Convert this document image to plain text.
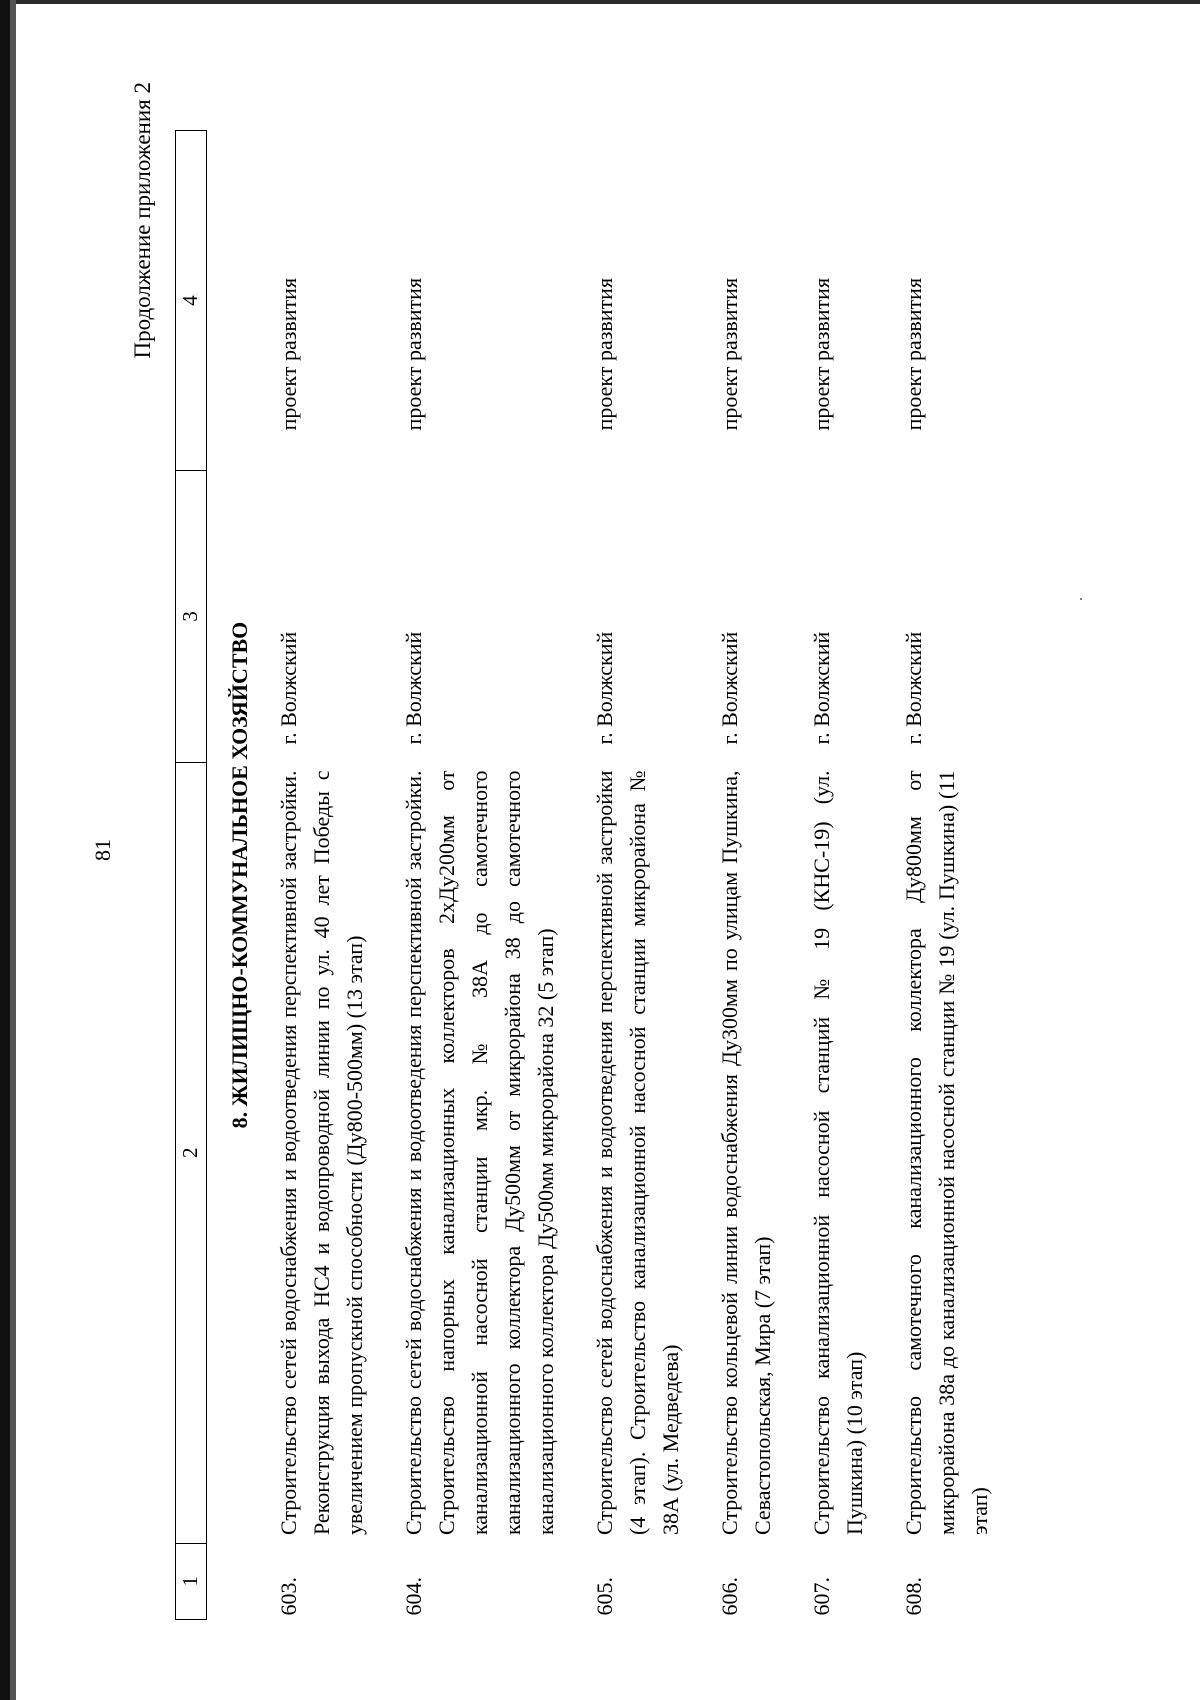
81
Продолжение приложения 2
1	2	3	4
8. ЖИЛИЩНО-КОММУНАЛЬНОЕ ХОЗЯЙСТВО			
603.	Строительство сетей водоснабжения и водоотведения перспективной застройки. Реконструкция выхода НС4 и водопроводной линии по ул. 40 лет Победы с увеличением пропускной способности (Ду800-500мм) (13 этап)	г. Волжский	проект развития
604.	Строительство сетей водоснабжения и водоотведения перспективной застройки. Строительство напорных канализационных коллекторов 2хДу200мм от канализационной насосной станции мкр. № 38А до самотечного канализационного коллектора Ду500мм от микрорайона 38 до самотечного канализационного коллектора Ду500мм микрорайона 32 (5 этап)	г. Волжский	проект развития
605.	Строительство сетей водоснабжения и водоотведения перспективной застройки (4 этап). Строительство канализационной насосной станции микрорайона № 38А (ул. Медведева)	г. Волжский	проект развития
606.	Строительство кольцевой линии водоснабжения Ду300мм по улицам Пушкина, Севастопольская, Мира (7 этап)	г. Волжский	проект развития
607.	Строительство канализационной насосной станций № 19 (КНС-19) (ул. Пушкина) (10 этап)	г. Волжский	проект развития
608.	Строительство самотечного канализационного коллектора Ду800мм от микрорайона 38а до канализационной насосной станции № 19 (ул. Пушкина) (11 этап)	г. Волжский	проект развития
